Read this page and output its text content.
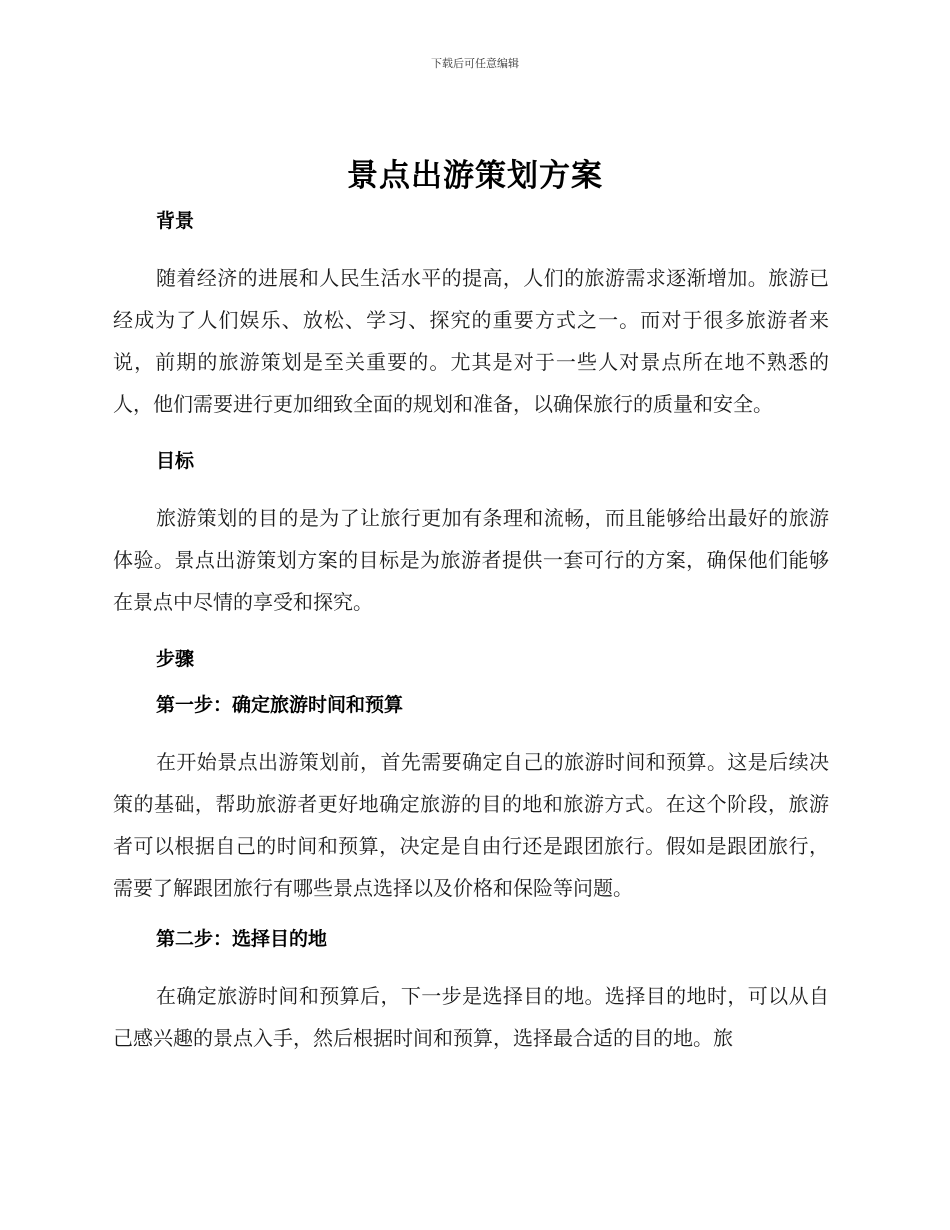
下载后可任意编辑
景点出游策划方案
背景

随着经济的进展和人民生活水平的提高，人们的旅游需求逐渐增加。旅游已经成为了人们娱乐、放松、学习、探究的重要方式之一。而对于很多旅游者来说，前期的旅游策划是至关重要的。尤其是对于一些人对景点所在地不熟悉的人，他们需要进行更加细致全面的规划和准备，以确保旅行的质量和安全。

目标

旅游策划的目的是为了让旅行更加有条理和流畅，而且能够给出最好的旅游体验。景点出游策划方案的目标是为旅游者提供一套可行的方案，确保他们能够在景点中尽情的享受和探究。

步骤
第一步：确定旅游时间和预算

在开始景点出游策划前，首先需要确定自己的旅游时间和预算。这是后续决策的基础，帮助旅游者更好地确定旅游的目的地和旅游方式。在这个阶段，旅游者可以根据自己的时间和预算，决定是自由行还是跟团旅行。假如是跟团旅行，需要了解跟团旅行有哪些景点选择以及价格和保险等问题。

第二步：选择目的地

在确定旅游时间和预算后，下一步是选择目的地。选择目的地时，可以从自己感兴趣的景点入手，然后根据时间和预算，选择最合适的目的地。旅
